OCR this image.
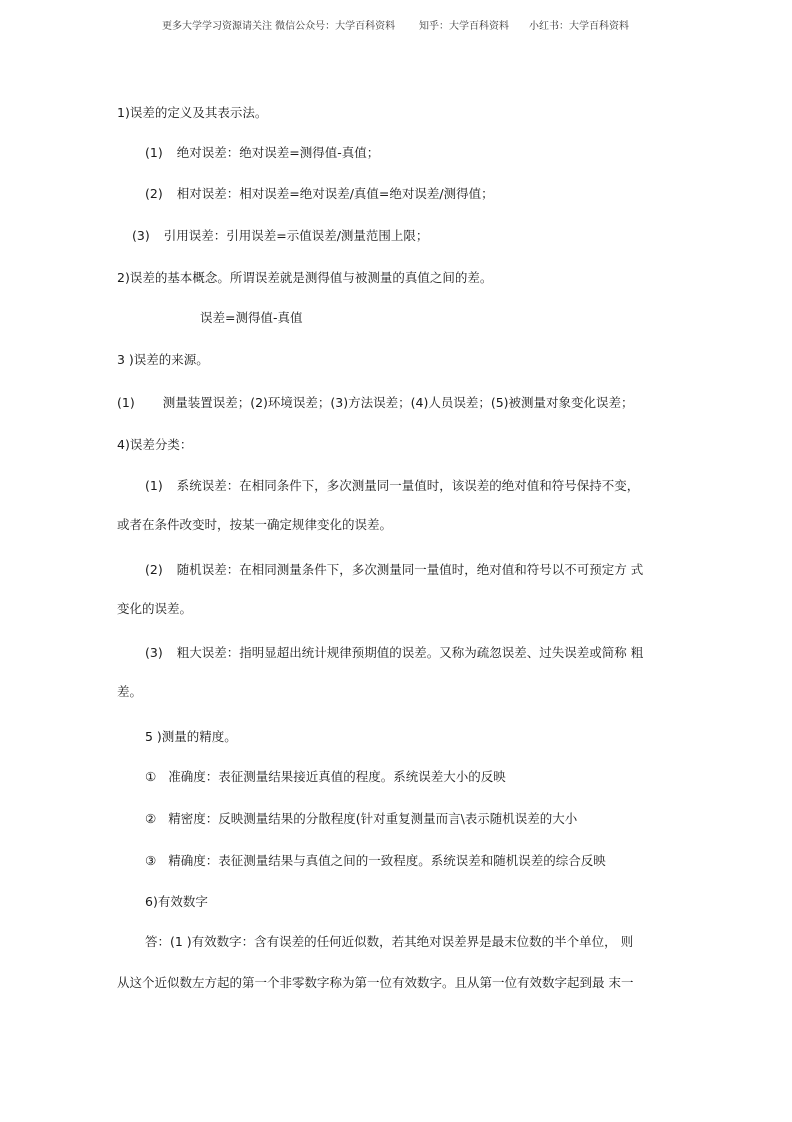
更多大学学习资源请关注 微信公众号：大学百科资料 知乎：大学百科资料 小红书：大学百科资料
1)误差的定义及其表示法。
(1) 绝对误差：绝对误差=测得值-真值；
(2) 相对误差：相对误差=绝对误差/真值=绝对误差/测得值；
(3) 引用误差：引用误差=示值误差/测量范围上限；
2)误差的基本概念。所谓误差就是测得值与被测量的真值之间的差。
误差=测得值-真值
3 )误差的来源。
(1) 测量装置误差；(2)环境误差；(3)方法误差；(4)人员误差；(5)被测量对象变化误差；
4)误差分类：
(1) 系统误差：在相同条件下，多次测量同一量值时，该误差的绝对值和符号保持不变，
或者在条件改变时，按某一确定规律变化的误差。
(2) 随机误差：在相同测量条件下，多次测量同一量值时，绝对值和符号以不可预定方 式
变化的误差。
(3) 粗大误差：指明显超出统计规律预期值的误差。又称为疏忽误差、过失误差或简称 粗
差。
5 )测量的精度。
① 准确度：表征测量结果接近真值的程度。系统误差大小的反映
② 精密度：反映测量结果的分散程度(针对重复测量而言\表示随机误差的大小
③ 精确度：表征测量结果与真值之间的一致程度。系统误差和随机误差的综合反映
6)有效数字
答：(1 )有效数字：含有误差的任何近似数，若其绝对误差界是最末位数的半个单位， 则
从这个近似数左方起的第一个非零数字称为第一位有效数字。且从第一位有效数字起到最 末一
